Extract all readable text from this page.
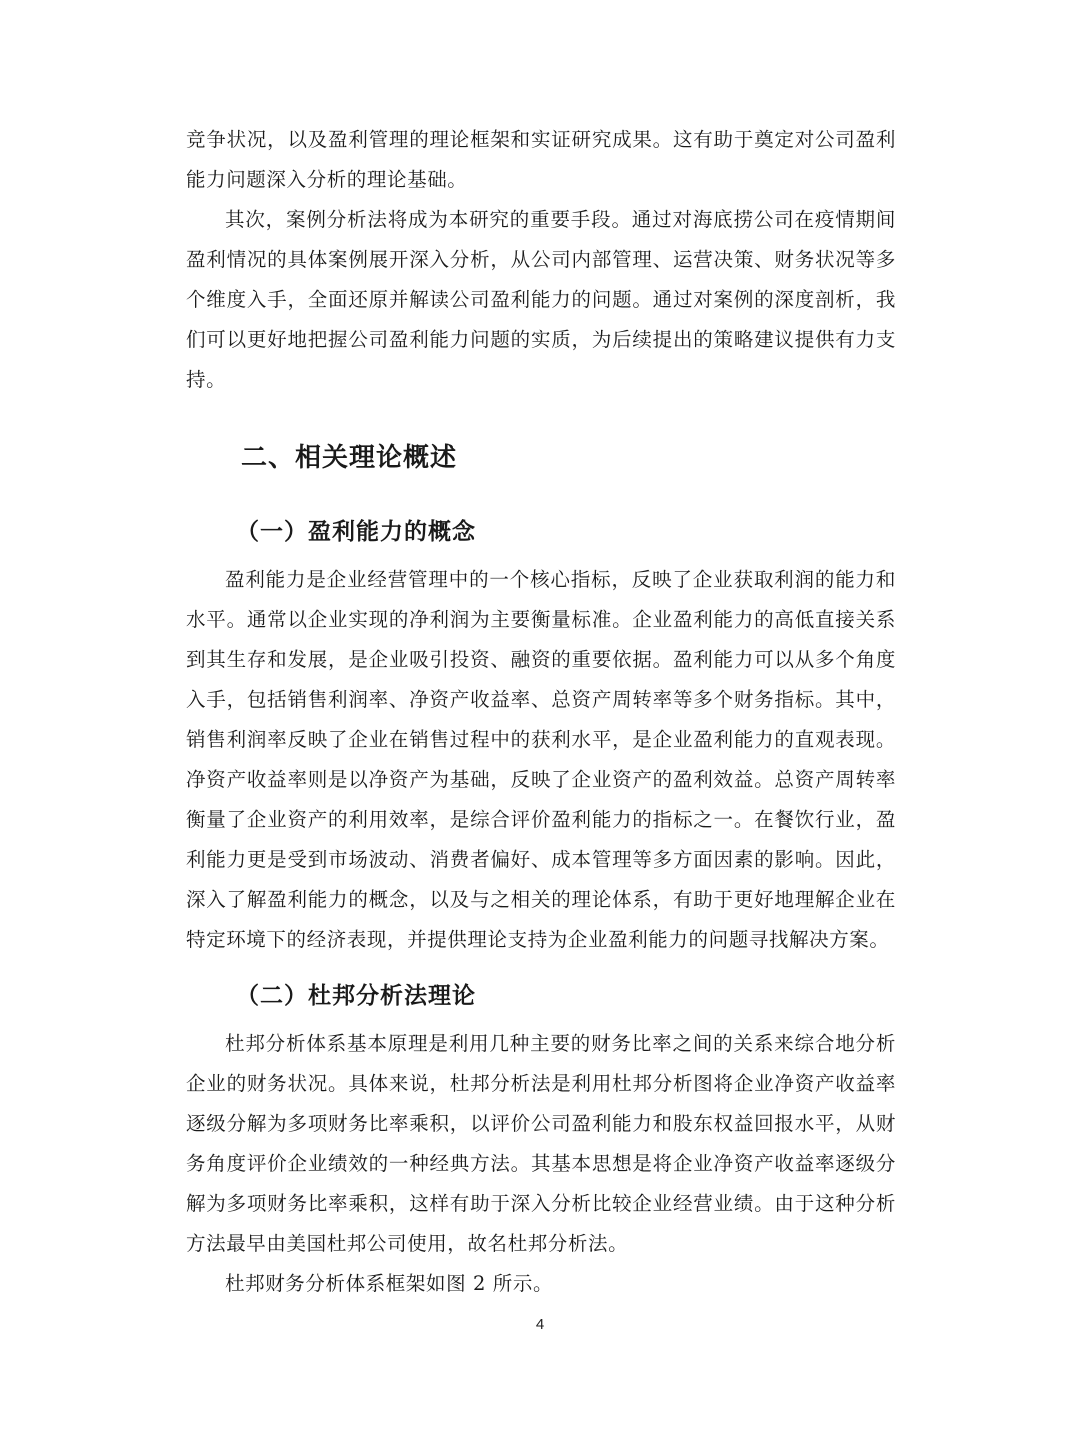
竞争状况，以及盈利管理的理论框架和实证研究成果。这有助于奠定对公司盈利能力问题深入分析的理论基础。

其次，案例分析法将成为本研究的重要手段。通过对海底捞公司在疫情期间盈利情况的具体案例展开深入分析，从公司内部管理、运营决策、财务状况等多个维度入手，全面还原并解读公司盈利能力的问题。通过对案例的深度剖析，我们可以更好地把握公司盈利能力问题的实质，为后续提出的策略建议提供有力支持。

二、相关理论概述
（一）盈利能力的概念

盈利能力是企业经营管理中的一个核心指标，反映了企业获取利润的能力和水平。通常以企业实现的净利润为主要衡量标准。企业盈利能力的高低直接关系到其生存和发展，是企业吸引投资、融资的重要依据。盈利能力可以从多个角度入手，包括销售利润率、净资产收益率、总资产周转率等多个财务指标。其中，销售利润率反映了企业在销售过程中的获利水平，是企业盈利能力的直观表现。净资产收益率则是以净资产为基础，反映了企业资产的盈利效益。总资产周转率衡量了企业资产的利用效率，是综合评价盈利能力的指标之一。在餐饮行业，盈利能力更是受到市场波动、消费者偏好、成本管理等多方面因素的影响。因此，深入了解盈利能力的概念，以及与之相关的理论体系，有助于更好地理解企业在特定环境下的经济表现，并提供理论支持为企业盈利能力的问题寻找解决方案。

（二）杜邦分析法理论

杜邦分析体系基本原理是利用几种主要的财务比率之间的关系来综合地分析企业的财务状况。具体来说，杜邦分析法是利用杜邦分析图将企业净资产收益率逐级分解为多项财务比率乘积，以评价公司盈利能力和股东权益回报水平，从财务角度评价企业绩效的一种经典方法。其基本思想是将企业净资产收益率逐级分解为多项财务比率乘积，这样有助于深入分析比较企业经营业绩。由于这种分析方法最早由美国杜邦公司使用，故名杜邦分析法。

杜邦财务分析体系框架如图 2 所示。

4
